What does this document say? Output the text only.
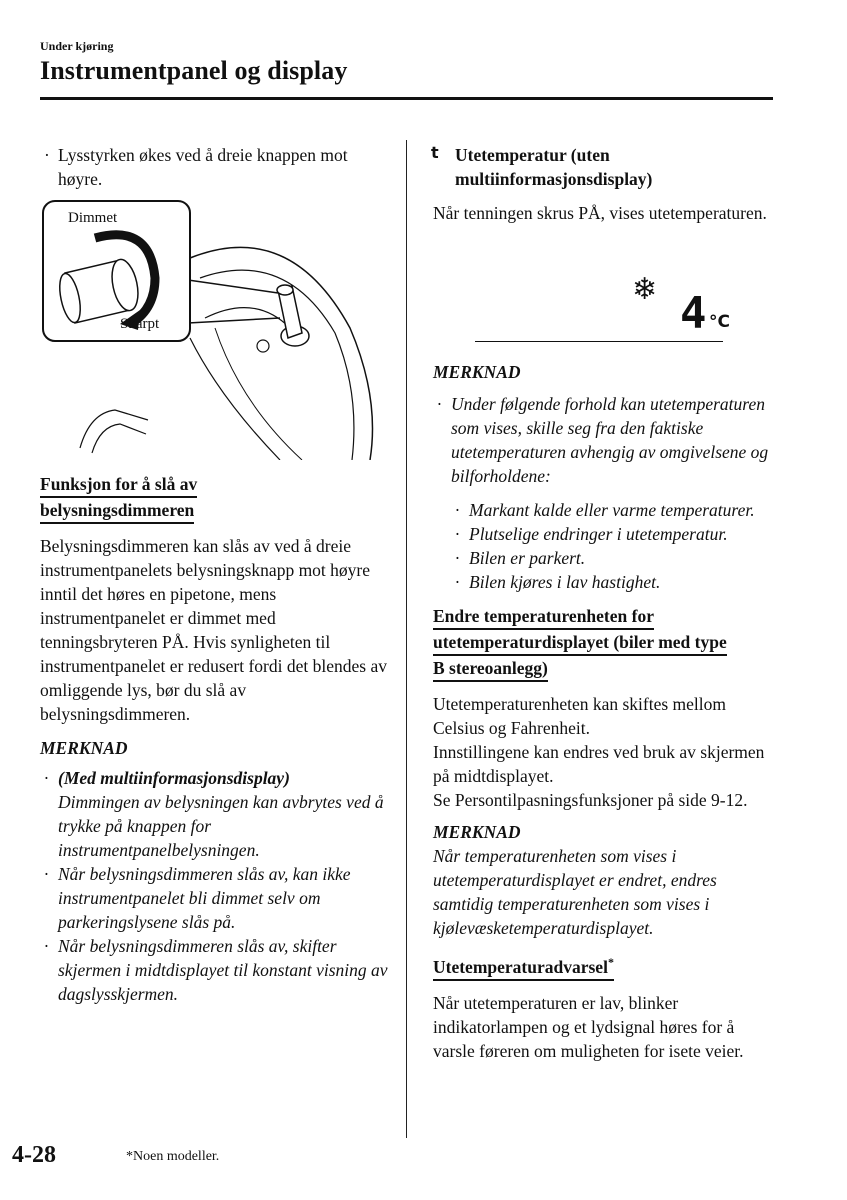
Under kjøring
Instrumentpanel og display

· Lysstyrken økes ved å dreie knappen mot høyre.

Dimmet
Skarpt

Funksjon for å slå av
belysningsdimmeren

Belysningsdimmeren kan slås av ved å dreie instrumentpanelets belysningsknapp mot høyre inntil det høres en pipetone, mens instrumentpanelet er dimmet med tenningsbryteren PÅ. Hvis synligheten til instrumentpanelet er redusert fordi det blendes av omliggende lys, bør du slå av belysningsdimmeren.

MERKNAD

· (Med multiinformasjonsdisplay)
Dimmingen av belysningen kan avbrytes ved å trykke på knappen for instrumentpanelbelysningen.

· Når belysningsdimmeren slås av, kan ikke instrumentpanelet bli dimmet selv om parkeringslysene slås på.

· Når belysningsdimmeren slås av, skifter skjermen i midtdisplayet til konstant visning av dagslysskjermen.

t Utetemperatur (uten

multiinformasjonsdisplay)

Når tenningen skrus PÅ, vises utetemperaturen.

❄ 4 °C

MERKNAD

· Under følgende forhold kan utetemperaturen som vises, skille seg fra den faktiske utetemperaturen avhengig av omgivelsene og bilforholdene:

· Markant kalde eller varme temperaturer.

· Plutselige endringer i utetemperatur.

· Bilen er parkert.

· Bilen kjøres i lav hastighet.

Endre temperaturenheten for
utetemperaturdisplayet (biler med type
B stereoanlegg)

Utetemperaturenheten kan skiftes mellom Celsius og Fahrenheit.

Innstillingene kan endres ved bruk av skjermen på midtdisplayet.

Se Persontilpasningsfunksjoner på side 9-12.

MERKNAD

Når temperaturenheten som vises i utetemperaturdisplayet er endret, endres samtidig temperaturenheten som vises i kjølevæsketemperaturdisplayet.

Utetemperaturadvarsel*

Når utetemperaturen er lav, blinker indikatorlampen og et lydsignal høres for å varsle føreren om muligheten for isete veier.

4-28	*Noen modeller.
